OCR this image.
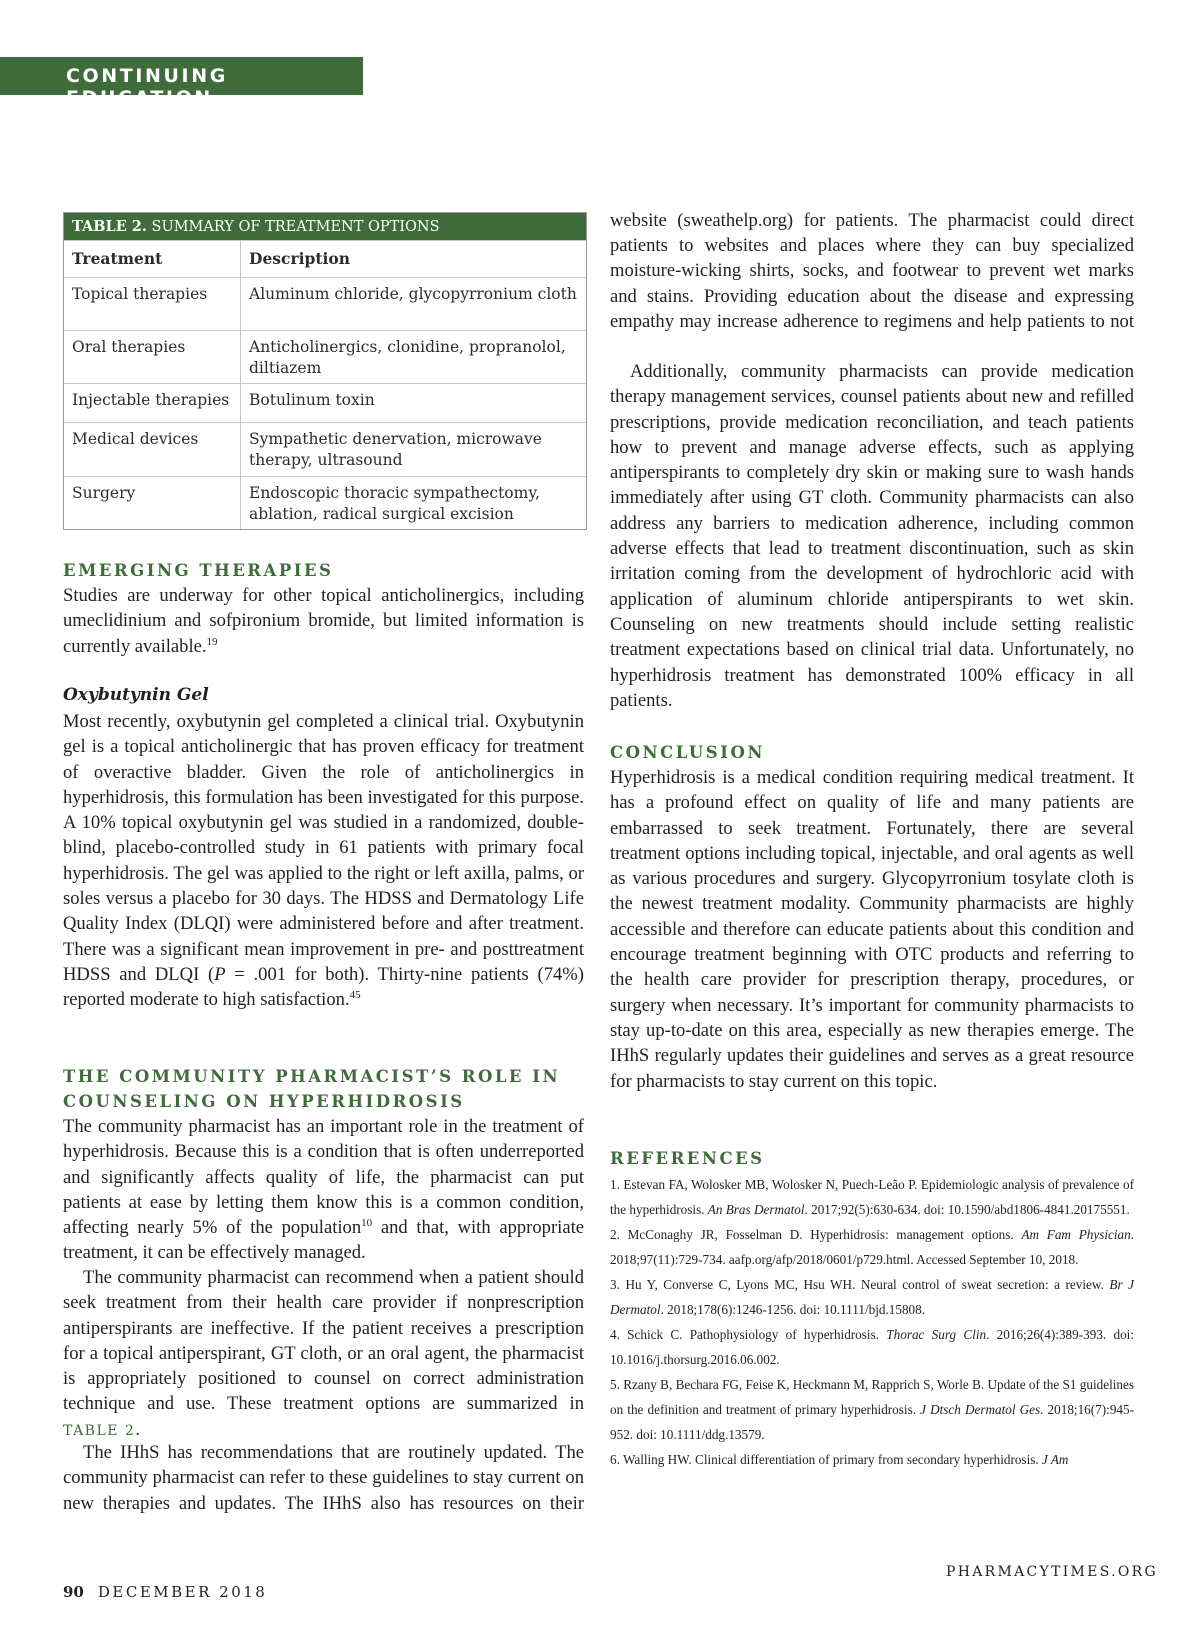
CONTINUING EDUCATION
TABLE 2. SUMMARY OF TREATMENT OPTIONS
Treatment	Description
Topical therapies	Aluminum chloride, glycopyrronium cloth
Oral therapies	Anticholinergics, clonidine, propranolol, diltiazem
Injectable therapies	Botulinum toxin
Medical devices	Sympathetic denervation, microwave therapy, ultrasound
Surgery	Endoscopic thoracic sympathectomy, ablation, radical surgical excision
EMERGING THERAPIES

Studies are underway for other topical anticholinergics, including umeclidinium and sofpironium bromide, but limited information is currently available.$^{19}$

Oxybutynin Gel

Most recently, oxybutynin gel completed a clinical trial. Oxybutynin gel is a topical anticholinergic that has proven efficacy for treatment of overactive bladder. Given the role of anticholinergics in hyperhidrosis, this formulation has been investigated for this purpose. A 10% topical oxybutynin gel was studied in a randomized, double-blind, placebo-controlled study in 61 patients with primary focal hyperhidrosis. The gel was applied to the right or left axilla, palms, or soles versus a placebo for 30 days. The HDSS and Dermatology Life Quality Index (DLQI) were administered before and after treatment. There was a significant mean improvement in pre- and posttreatment HDSS and DLQI (P = .001 for both). Thirty-nine patients (74%) reported moderate to high satisfaction.$^{45}$

THE COMMUNITY PHARMACIST’S ROLE IN
COUNSELING ON HYPERHIDROSIS

The community pharmacist has an important role in the treatment of hyperhidrosis. Because this is a condition that is often underreported and significantly affects quality of life, the pharmacist can put patients at ease by letting them know this is a common condition, affecting nearly 5% of the population$^{10}$ and that, with appropriate treatment, it can be effectively managed.

The community pharmacist can recommend when a patient should seek treatment from their health care provider if nonprescription antiperspirants are ineffective. If the patient receives a prescription for a topical antiperspirant, GT cloth, or an oral agent, the pharmacist is appropriately positioned to counsel on correct administration technique and use. These treatment options are summarized in TABLE 2.

The IHhS has recommendations that are routinely updated. The community pharmacist can refer to these guidelines to stay current on new therapies and updates. The IHhS also has resources on their
website (sweathelp.org) for patients. The pharmacist could direct patients to websites and places where they can buy specialized moisture-wicking shirts, socks, and footwear to prevent wet marks and stains. Providing education about the disease and expressing empathy may increase adherence to regimens and help patients to not

Additionally, community pharmacists can provide medication therapy management services, counsel patients about new and refilled prescriptions, provide medication reconciliation, and teach patients how to prevent and manage adverse effects, such as applying antiperspirants to completely dry skin or making sure to wash hands immediately after using GT cloth. Community pharmacists can also address any barriers to medication adherence, including common adverse effects that lead to treatment discontinuation, such as skin irritation coming from the development of hydrochloric acid with application of aluminum chloride antiperspirants to wet skin. Counseling on new treatments should include setting realistic treatment expectations based on clinical trial data. Unfortunately, no hyperhidrosis treatment has demonstrated 100% efficacy in all patients.

CONCLUSION

Hyperhidrosis is a medical condition requiring medical treatment. It has a profound effect on quality of life and many patients are embarrassed to seek treatment. Fortunately, there are several treatment options including topical, injectable, and oral agents as well as various procedures and surgery. Glycopyrronium tosylate cloth is the newest treatment modality. Community pharmacists are highly accessible and therefore can educate patients about this condition and encourage treatment beginning with OTC products and referring to the health care provider for prescription therapy, procedures, or surgery when necessary. It’s important for community pharmacists to stay up-to-date on this area, especially as new therapies emerge. The IHhS regularly updates their guidelines and serves as a great resource for pharmacists to stay current on this topic.

REFERENCES

1. Estevan FA, Wolosker MB, Wolosker N, Puech-Leão P. Epidemiologic analysis of prevalence of the hyperhidrosis. An Bras Dermatol. 2017;92(5):630-634. doi: 10.1590/abd1806-4841.20175551.

2. McConaghy JR, Fosselman D. Hyperhidrosis: management options. Am Fam Physician. 2018;97(11):729-734. aafp.org/afp/2018/0601/p729.html. Accessed September 10, 2018.

3. Hu Y, Converse C, Lyons MC, Hsu WH. Neural control of sweat secretion: a review. Br J Dermatol. 2018;178(6):1246-1256. doi: 10.1111/bjd.15808.

4. Schick C. Pathophysiology of hyperhidrosis. Thorac Surg Clin. 2016;26(4):389-393. doi: 10.1016/j.thorsurg.2016.06.002.

5. Rzany B, Bechara FG, Feise K, Heckmann M, Rapprich S, Worle B. Update of the S1 guidelines on the definition and treatment of primary hyperhidrosis. J Dtsch Dermatol Ges. 2018;16(7):945-952. doi: 10.1111/ddg.13579.

6. Walling HW. Clinical differentiation of primary from secondary hyperhidrosis. J Am

90 DECEMBER 2018
PHARMACYTIMES.ORG
